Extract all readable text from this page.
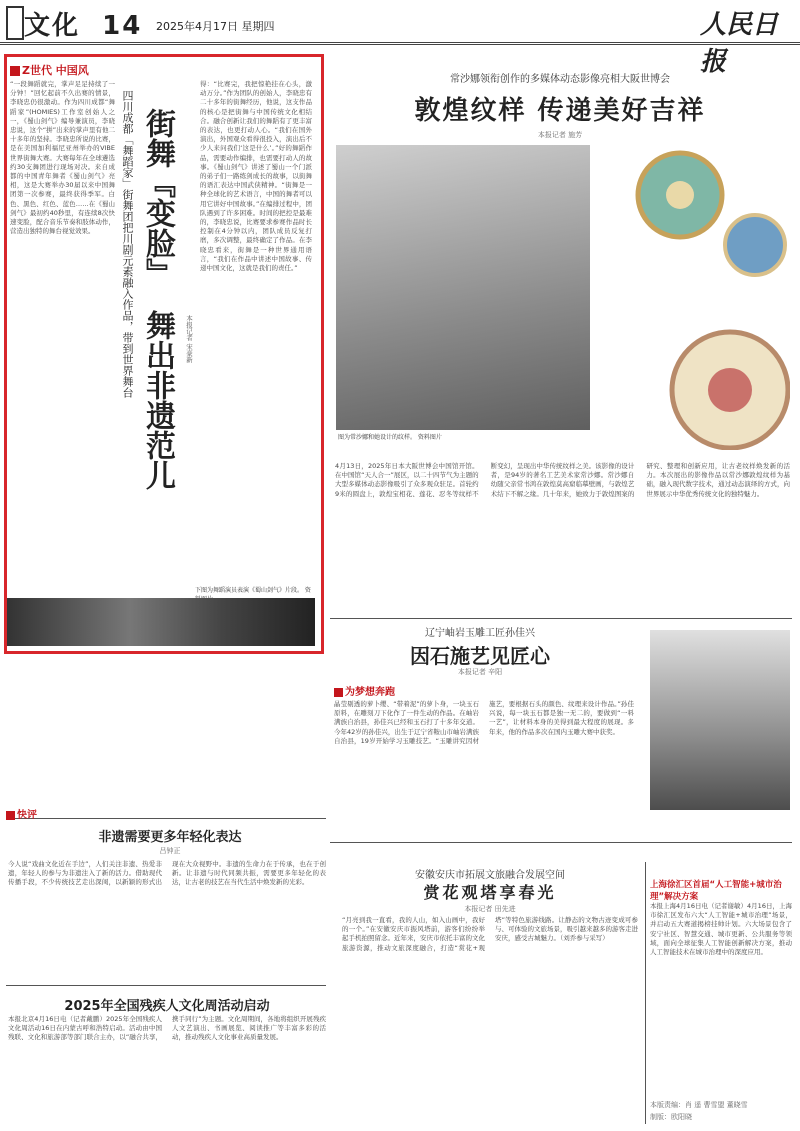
文化 14 2025年4月17日 星期四	人民日报
Z世代 中国风
“一段舞蹈就完，掌声足足持续了一分钟！”回忆起前不久出赛的情景，李晓忠仍很激动。作为四川成都“舞蹈家”(HOMIES)工作室创始人之一，《蜀山剑气》编导兼演员，李晓忠说，这个“拼”出来的掌声里有他二十多年的坚持。李晓忠所说的比赛，是在美国加利福尼亚州举办的VIBE世界街舞大赛。大赛每年在全球遴选约30支舞团进行现场对决。来自成都的中国青年舞者《蜀山剑气》亮相，这是大赛举办30届以来中国舞团第一次参赛，最终获得季军。白色、黑色、红色、蓝色……在《蜀山剑气》最初约40秒里，有连续8次快速变脸，配合音乐节奏和肢体动作，营造出独特的舞台视觉效果。	街舞『变脸』
舞出非遗范儿
四川成都「舞蹈家」街舞团把川剧元素融入作品，带到世界舞台	本报记者 宋豪新
得：“比赛完，我把惊艳挂在心头，激动万分。”作为团队的创始人，李晓忠有二十多年的街舞经历，他说，这支作品的核心是把街舞与中国传统文化相结合。融合创新让我们的舞蹈有了更丰富的表达，也更打动人心。“我们在国外演出，外国观众看得很投入，演出后不少人来问我们‘这是什么’。”好的舞蹈作品，需要动作编排，也需要打动人的故事。《蜀山剑气》讲述了蜀山一个门派的弟子们一路练剑成长的故事，以街舞的语汇表达中国武侠精神。“街舞是一种全球化的艺术语言，中国的舞者可以用它讲好中国故事。”在编排过程中，团队遇到了许多困难。时间的把控是最难的，李晓忠说，比赛要求参赛作品时长控制在4分钟以内，团队成员反复打磨，多次调整，最终确定了作品。在李晓忠看来，街舞是一种世界通用语言，“我们在作品中讲述中国故事、传递中国文化，这就是我们的责任。”
下图为舞蹈演员表演《蜀山剑气》片段。 资
常沙娜领衔创作的多媒体动态影像亮相大阪世博会
敦煌纹样 传递美好吉祥
本报记者 施芳
图为常沙娜和她设计的纹样。 资料图片
4月13日，2025年日本大阪世博会中国馆开馆。在中国馆“天人合一”展区，以二十四节气为主题的大型多媒体动态影像吸引了众多观众驻足。首轮约9米的圆盘上，敦煌宝相花、莲花、忍冬等纹样不断变幻，呈现出中华传统纹样之美。该影像的设计者，是94岁的著名工艺美术家常沙娜。常沙娜自幼随父亲常书鸿在敦煌莫高窟临摹壁画，与敦煌艺术结下不解之缘。几十年来，她致力于敦煌图案的研究、整理和创新应用，让古老纹样焕发新的活力。本次展出的影像作品以常沙娜敦煌纹样为基础，融入现代数字技术，通过动态演绎的方式，向世界展示中华优秀传统文化的独特魅力。
辽宁岫岩玉雕工匠孙佳兴
因石施艺见匠心
本报记者 辛阳
为梦想奔跑
晶莹剔透的萝卜缨、“带着泥”的萝卜身，一块玉石原料，在雕刻刀下化作了一件生动的作品。在岫岩满族自治县，孙佳兴已经和玉石打了十多年交道。今年42岁的孙佳兴，出生于辽宁省鞍山市岫岩满族自治县，19岁开始学习玉雕技艺。“玉雕讲究因材施艺，要根据石头的颜色、纹理来设计作品。”孙佳兴说，每一块玉石都是独一无二的，要做到“一料一艺”，让材料本身的美得到最大程度的展现。多年来，他的作品多次在国内玉雕大赛中获奖。
快评
非遗需要更多年轻化表达
吕钟正
今人说“戏曲文化近在手边”，人们关注非遗、热爱非遗，年轻人的参与为非遗注入了新的活力。借助现代传播手段，不少传统技艺走出深闺，以新颖的形式出现在大众视野中。非遗的生命力在于传承，也在于创新。让非遗与时代同频共振，需要更多年轻化的表达，让古老的技艺在当代生活中焕发新的光彩。
2025年全国残疾人文化周活动启动
本报北京4月16日电（记者戴鹏）2025年全国残疾人文化周活动16日在内蒙古呼和浩特启动。活动由中国残联、文化和旅游部等部门联合主办，以“融合共享，携手同行”为主题。文化周期间，各地将组织开展残疾人文艺演出、书画展览、阅读推广等丰富多彩的活动，推动残疾人文化事业高质量发展。
安徽安庆市拓展文旅融合发展空间
赏花观塔享春光
本报记者 田先进
“月亮到我一直看，我的人山，如入山画中，我好的一个。”在安徽安庆市振风塔前，游客们纷纷举起手机拍照留念。近年来，安庆市依托丰富的文化旅游资源，推动文旅深度融合，打造“赏花+观塔”等特色旅游线路。让静态的文物古迹变成可参与、可体验的文旅场景，吸引越来越多的游客走进安庆，感受古城魅力。（刘乔参与采写）
上海徐汇区首届“人工智能+城市治理”解决方案
本报上海4月16日电（记者谢敏）4月16日，上海市徐汇区发布六大“人工智能+城市治理”场景，并启动五大赛道揭榜挂帅计划。六大场景包含了安宁社区、智慧交通、城市更新、公共服务等领域，面向全球征集人工智能创新解决方案，推动人工智能技术在城市治理中的深度应用。
本版责编：肖 遥 曹雪盟 董晓雪
制版：欧阳晓
